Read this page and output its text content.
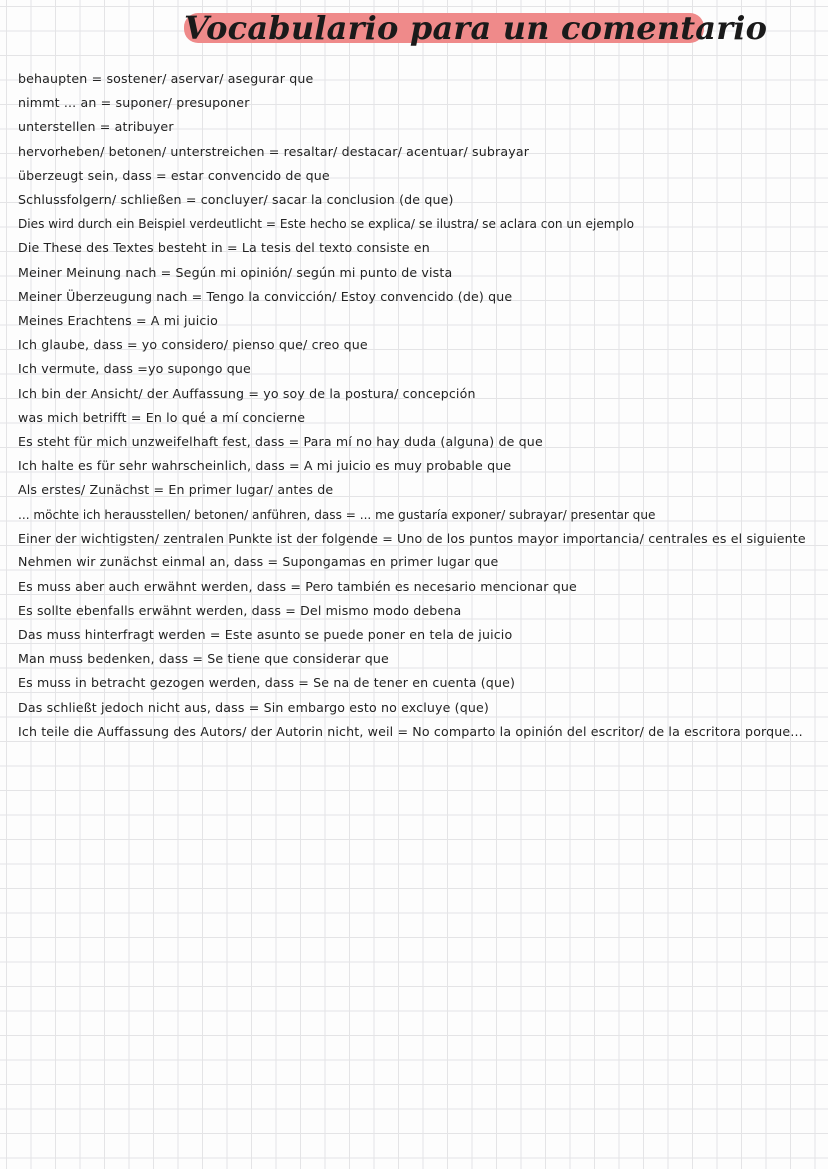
Vocabulario para un comentario
behaupten = sostener/ aservar/ asegurar que
nimmt ... an = suponer/ presuponer
unterstellen = atribuyer
hervorheben/ betonen/ unterstreichen = resaltar/ destacar/ acentuar/ subrayar
überzeugt sein, dass = estar convencido de que
Schlussfolgern/ schließen = concluyer/ sacar la conclusion (de que)
Dies wird durch ein Beispiel verdeutlicht = Este hecho se explica/ se ilustra/ se aclara con un ejemplo
Die These des Textes besteht in = La tesis del texto consiste en
Meiner Meinung nach = Según mi opinión/ según mi punto de vista
Meiner Überzeugung nach = Tengo la convicción/ Estoy convencido (de) que
Meines Erachtens = A mi juicio
Ich glaube, dass = yo considero/ pienso que/ creo que
Ich vermute, dass =yo supongo que
Ich bin der Ansicht/ der Auffassung = yo soy de la postura/ concepción
was mich betrifft = En lo qué a mí concierne
Es steht für mich unzweifelhaft fest, dass = Para mí no hay duda (alguna) de que
Ich halte es für sehr wahrscheinlich, dass = A mi juicio es muy probable que
Als erstes/ Zunächst = En primer lugar/ antes de
... möchte ich herausstellen/ betonen/ anführen, dass = ... me gustaría exponer/ subrayar/ presentar que
Einer der wichtigsten/ zentralen Punkte ist der folgende = Uno de los puntos mayor importancia/ centrales es el siguiente
Nehmen wir zunächst einmal an, dass = Supongamas en primer lugar que
Es muss aber auch erwähnt werden, dass = Pero también es necesario mencionar que
Es sollte ebenfalls erwähnt werden, dass = Del mismo modo debena
Das muss hinterfragt werden = Este asunto se puede poner en tela de juicio
Man muss bedenken, dass = Se tiene que considerar que
Es muss in betracht gezogen werden, dass = Se na de tener en cuenta (que)
Das schließt jedoch nicht aus, dass = Sin embargo esto no excluye (que)
Ich teile die Auffassung des Autors/ der Autorin nicht, weil = No comparto la opinión del escritor/ de la escritora porque...
